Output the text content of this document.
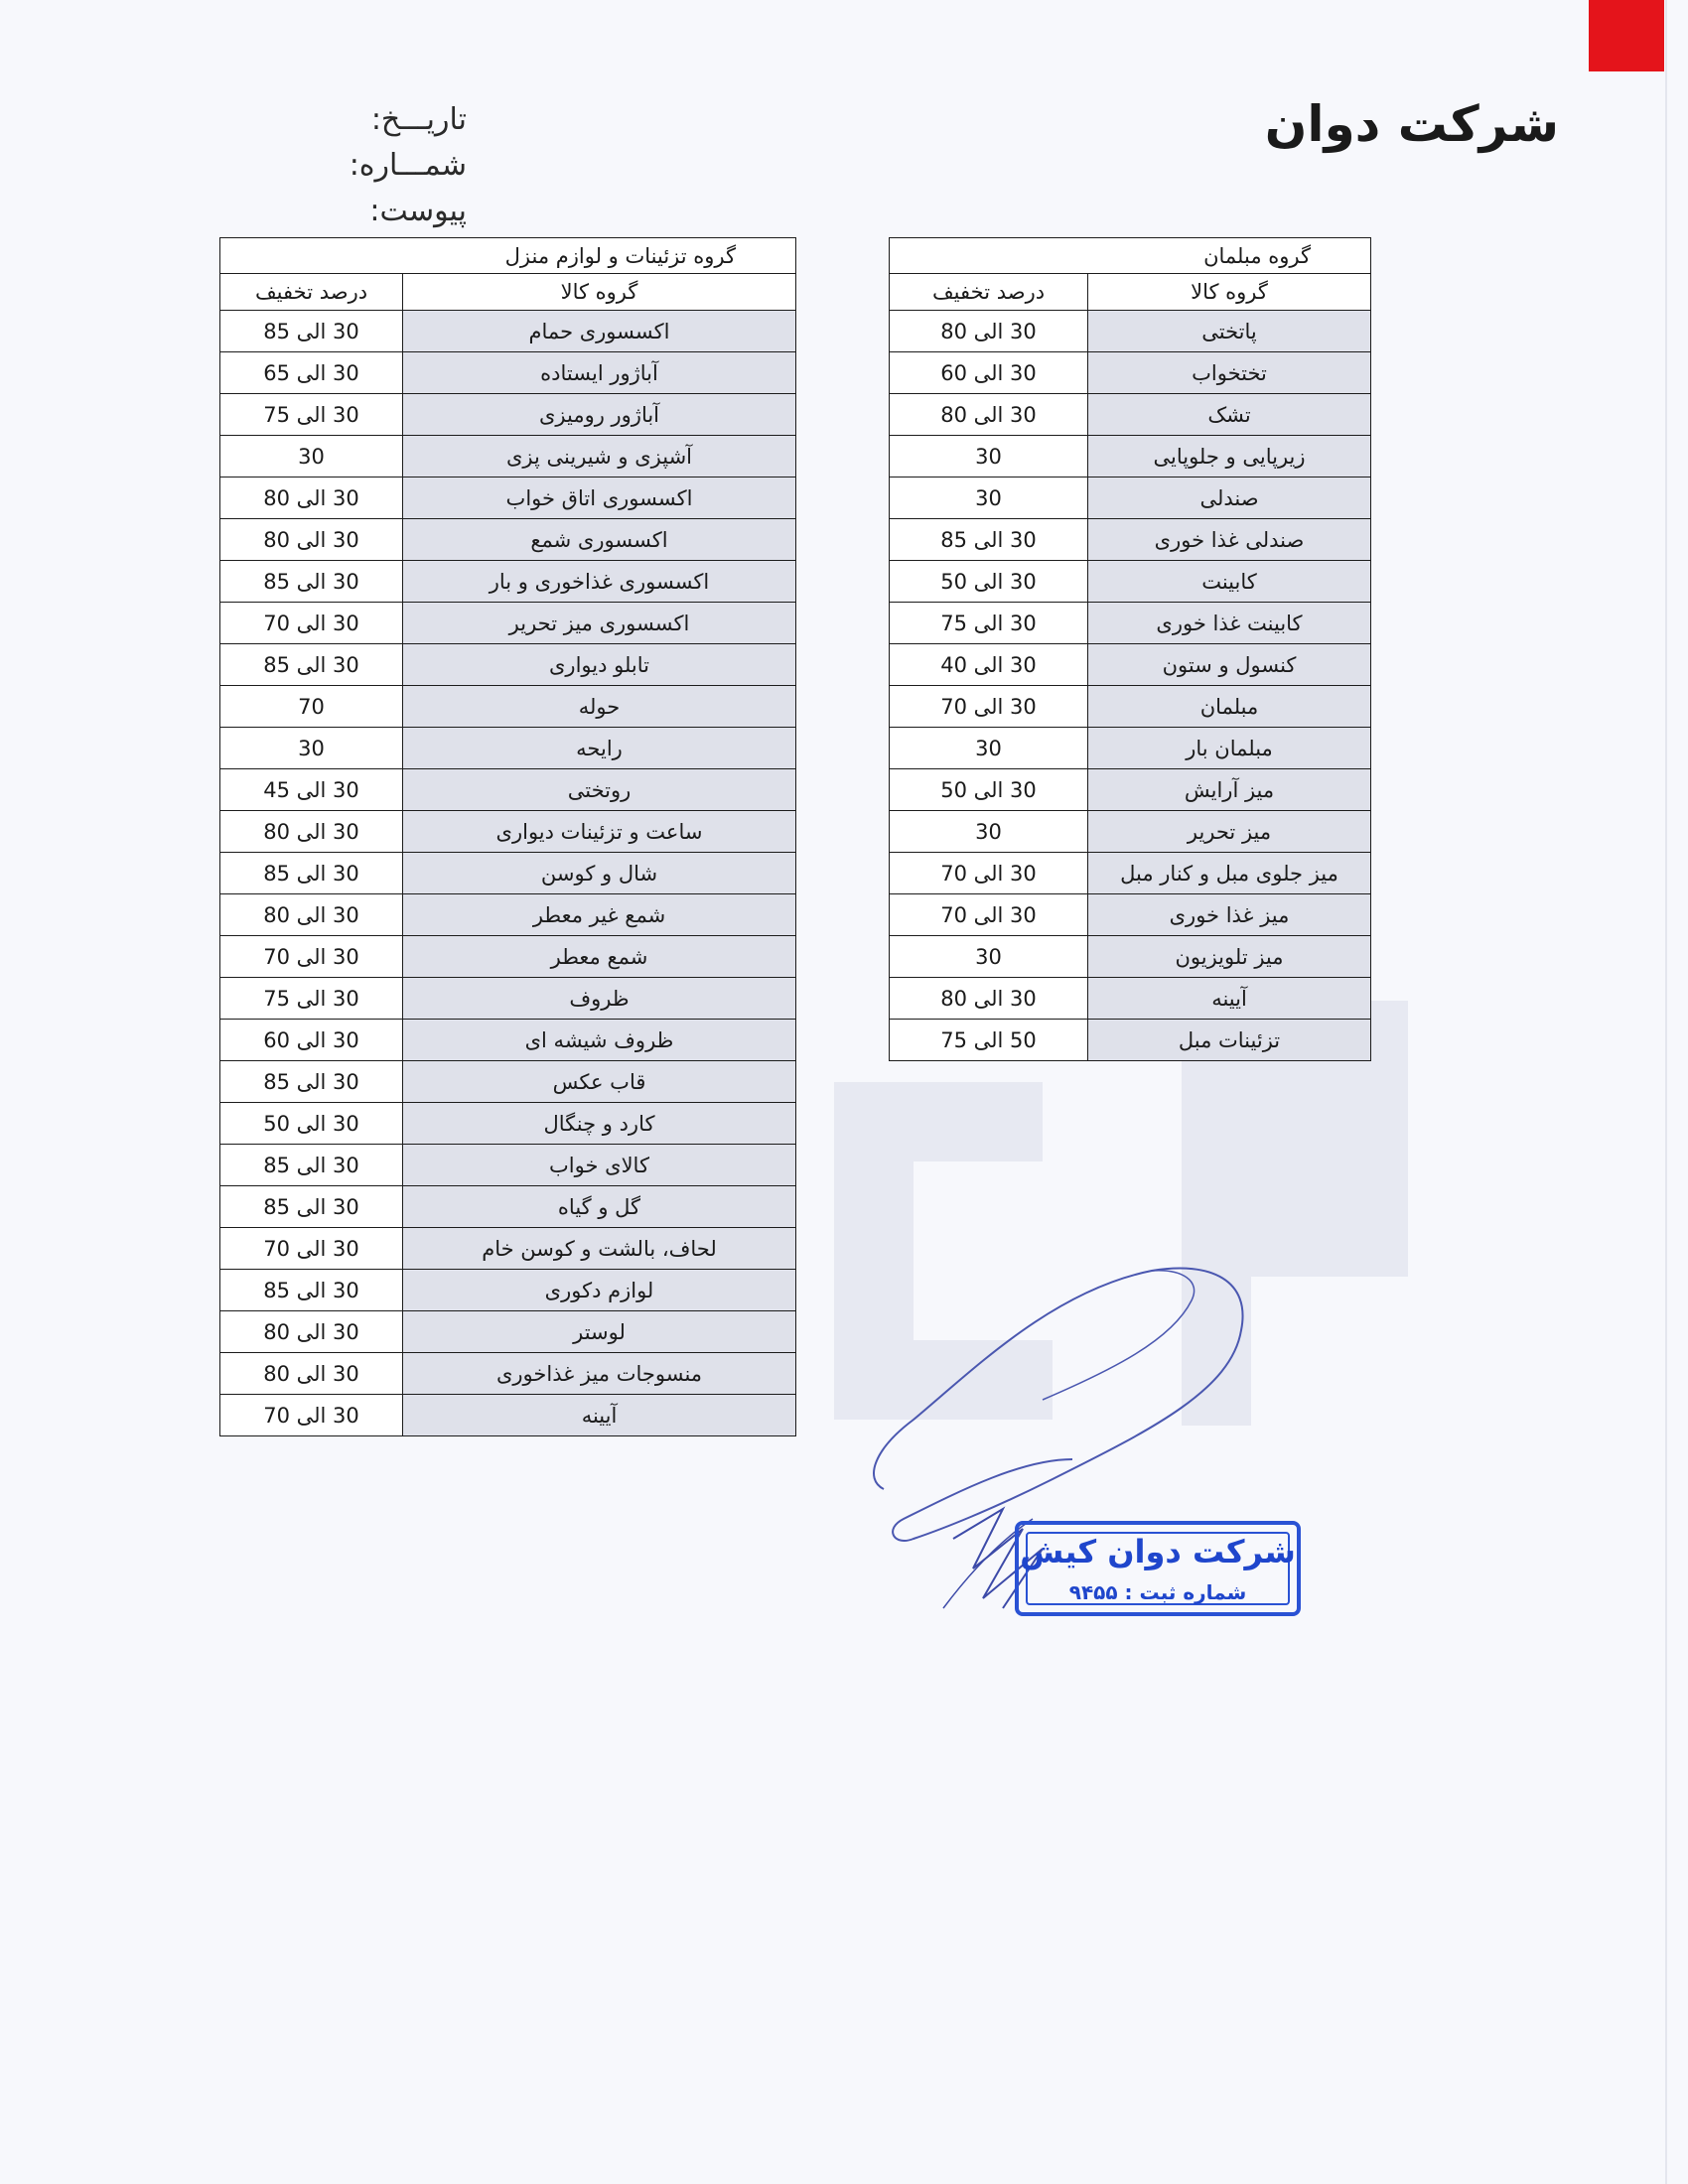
شرکت دوان
تاریـــخ:
شمـــاره:
پیوست:
گروه تزئینات و لوازم منزل	
گروه کالا	درصد تخفیف
اکسسوری حمام	30 الی 85
آباژور ایستاده	30 الی 65
آباژور رومیزی	30 الی 75
آشپزی و شیرینی پزی	30
اکسسوری اتاق خواب	30 الی 80
اکسسوری شمع	30 الی 80
اکسسوری غذاخوری و بار	30 الی 85
اکسسوری میز تحریر	30 الی 70
تابلو دیواری	30 الی 85
حوله	70
رایحه	30
روتختی	30 الی 45
ساعت و تزئینات دیواری	30 الی 80
شال و کوسن	30 الی 85
شمع غیر معطر	30 الی 80
شمع معطر	30 الی 70
ظروف	30 الی 75
ظروف شیشه ای	30 الی 60
قاب عکس	30 الی 85
کارد و چنگال	30 الی 50
کالای خواب	30 الی 85
گل و گیاه	30 الی 85
لحاف، بالشت و کوسن خام	30 الی 70
لوازم دکوری	30 الی 85
لوستر	30 الی 80
منسوجات میز غذاخوری	30 الی 80
آیینه	30 الی 70
گروه مبلمان	
گروه کالا	درصد تخفیف
پاتختی	30 الی 80
تختخواب	30 الی 60
تشک	30 الی 80
زیرپایی و جلوپایی	30
صندلی	30
صندلی غذا خوری	30 الی 85
کابینت	30 الی 50
کابینت غذا خوری	30 الی 75
کنسول و ستون	30 الی 40
مبلمان	30 الی 70
مبلمان بار	30
میز آرایش	30 الی 50
میز تحریر	30
میز جلوی مبل و کنار مبل	30 الی 70
میز غذا خوری	30 الی 70
میز تلویزیون	30
آیینه	30 الی 80
تزئینات مبل	50 الی 75
شرکت دوان کیش
شماره ثبت : ۹۴۵۵
